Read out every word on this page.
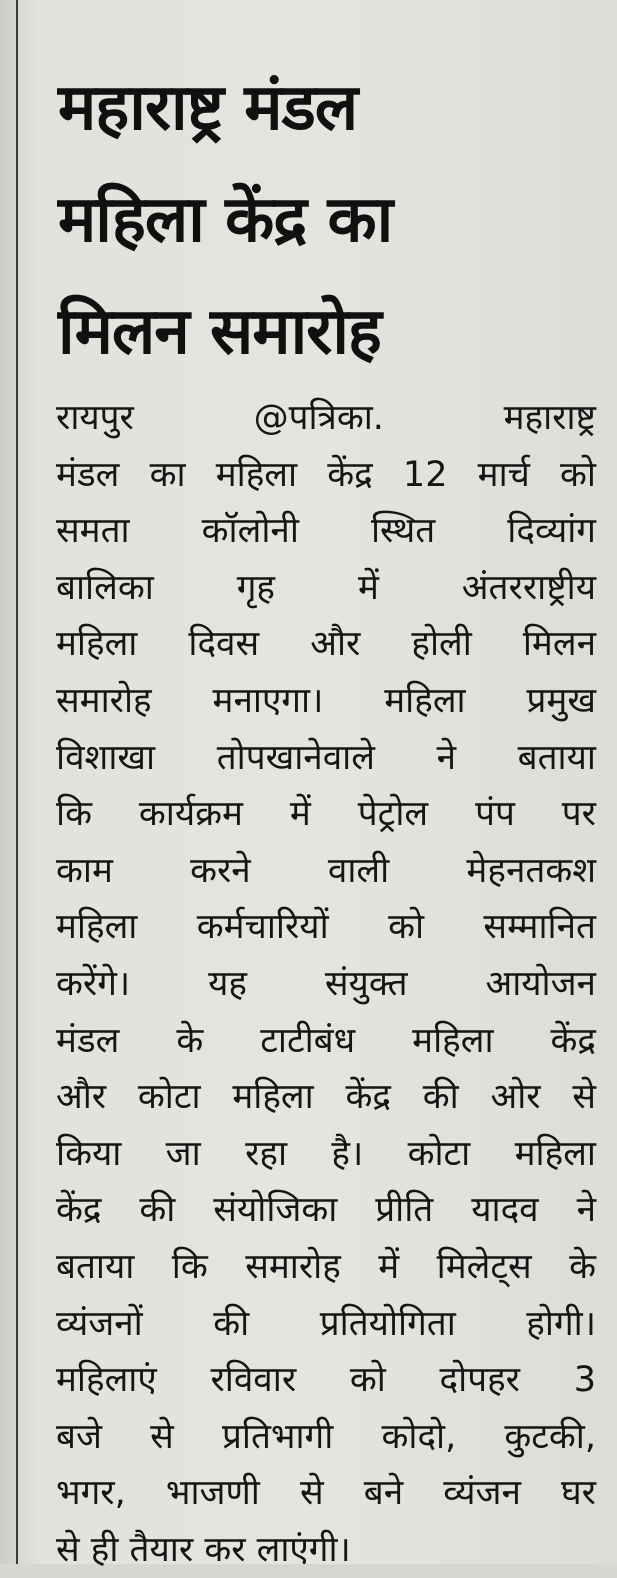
महाराष्ट्र मंडल
महिला केंद्र का
मिलन समारोह
रायपुर @पत्रिका. महाराष्ट्र
मंडल का महिला केंद्र 12 मार्च को
समता कॉलोनी स्थित दिव्यांग
बालिका गृह में अंतरराष्ट्रीय
महिला दिवस और होली मिलन
समारोह मनाएगा। महिला प्रमुख
विशाखा तोपखानेवाले ने बताया
कि कार्यक्रम में पेट्रोल पंप पर
काम करने वाली मेहनतकश
महिला कर्मचारियों को सम्मानित
करेंगे। यह संयुक्त आयोजन
मंडल के टाटीबंध महिला केंद्र
और कोटा महिला केंद्र की ओर से
किया जा रहा है। कोटा महिला
केंद्र की संयोजिका प्रीति यादव ने
बताया कि समारोह में मिलेट्स के
व्यंजनों की प्रतियोगिता होगी।
महिलाएं रविवार को दोपहर 3
बजे से प्रतिभागी कोदो, कुटकी,
भगर, भाजणी से बने व्यंजन घर
से ही तैयार कर लाएंगी।
